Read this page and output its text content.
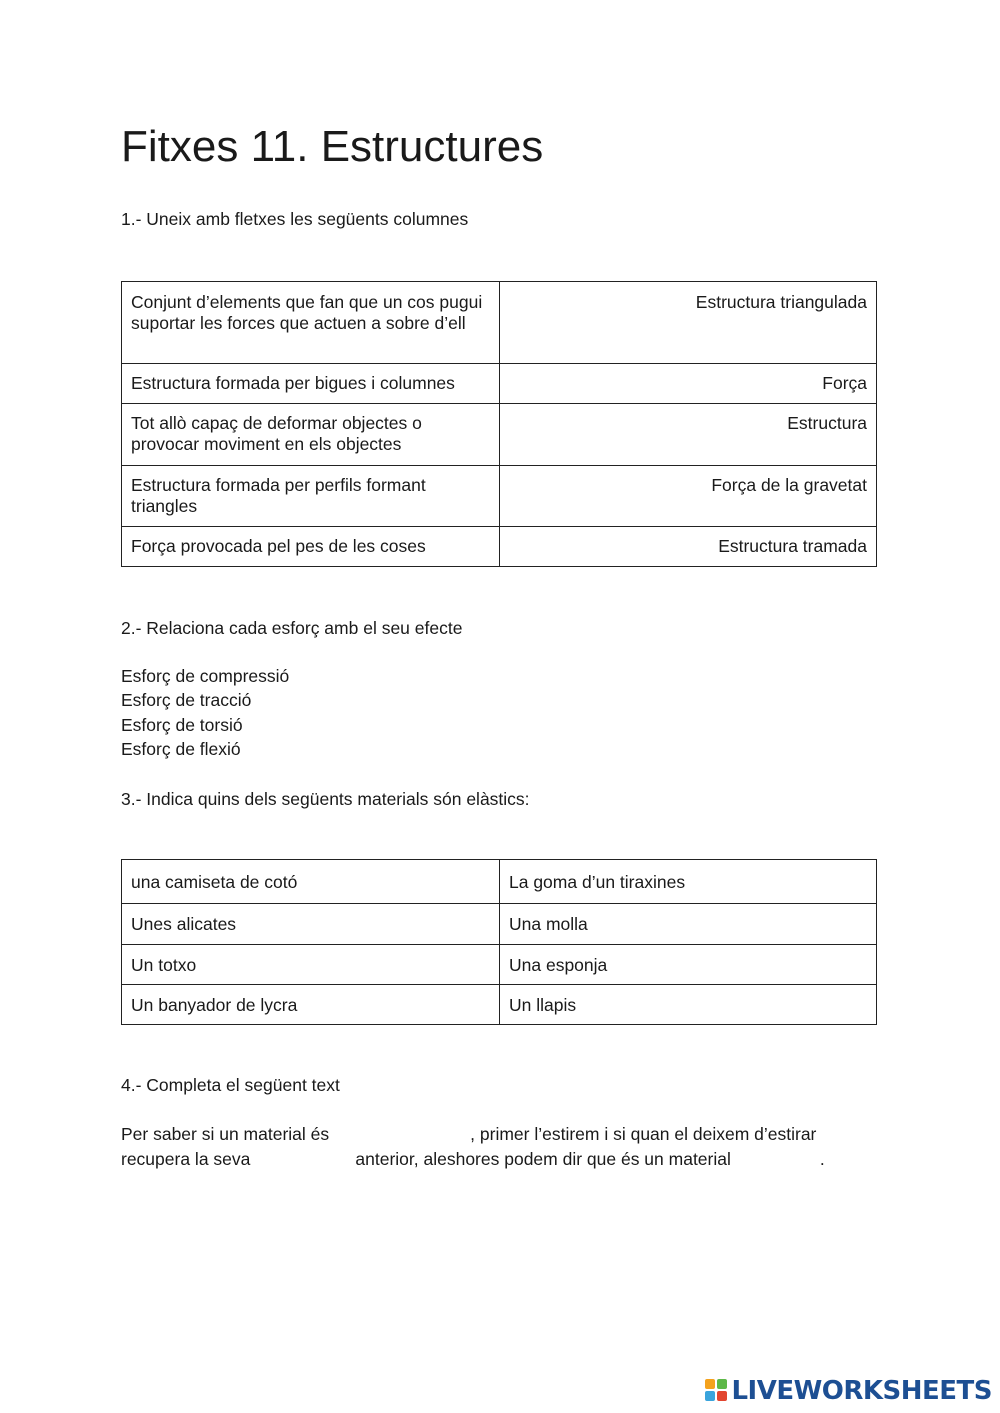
Fitxes 11. Estructures
1.- Uneix amb fletxes les següents columnes
Conjunt d’elements que fan que un cos pugui suportar les forces que actuen a sobre d’ell	Estructura triangulada

Estructura formada per bigues i columnes	Força

Tot allò capaç de deformar objectes o provocar moviment en els objectes	Estructura

Estructura formada per perfils formant triangles	Força de la gravetat

Força provocada pel pes de les coses	Estructura tramada
2.- Relaciona cada esforç amb el seu efecte
Esforç de compressió
Esforç de tracció
Esforç de torsió
Esforç de flexió
3.- Indica quins dels següents materials són elàstics:
una camiseta de cotó	La goma d’un tiraxines

Unes alicates	Una molla

Un totxo	Una esponja

Un banyador de lycra	Un llapis
4.- Completa el següent text
Per saber si un material és	, primer l’estirem i si quan el deixem d’estirar
recupera la seva	anterior, aleshores podem dir que és un material	.
LIVEWORKSHEETS
